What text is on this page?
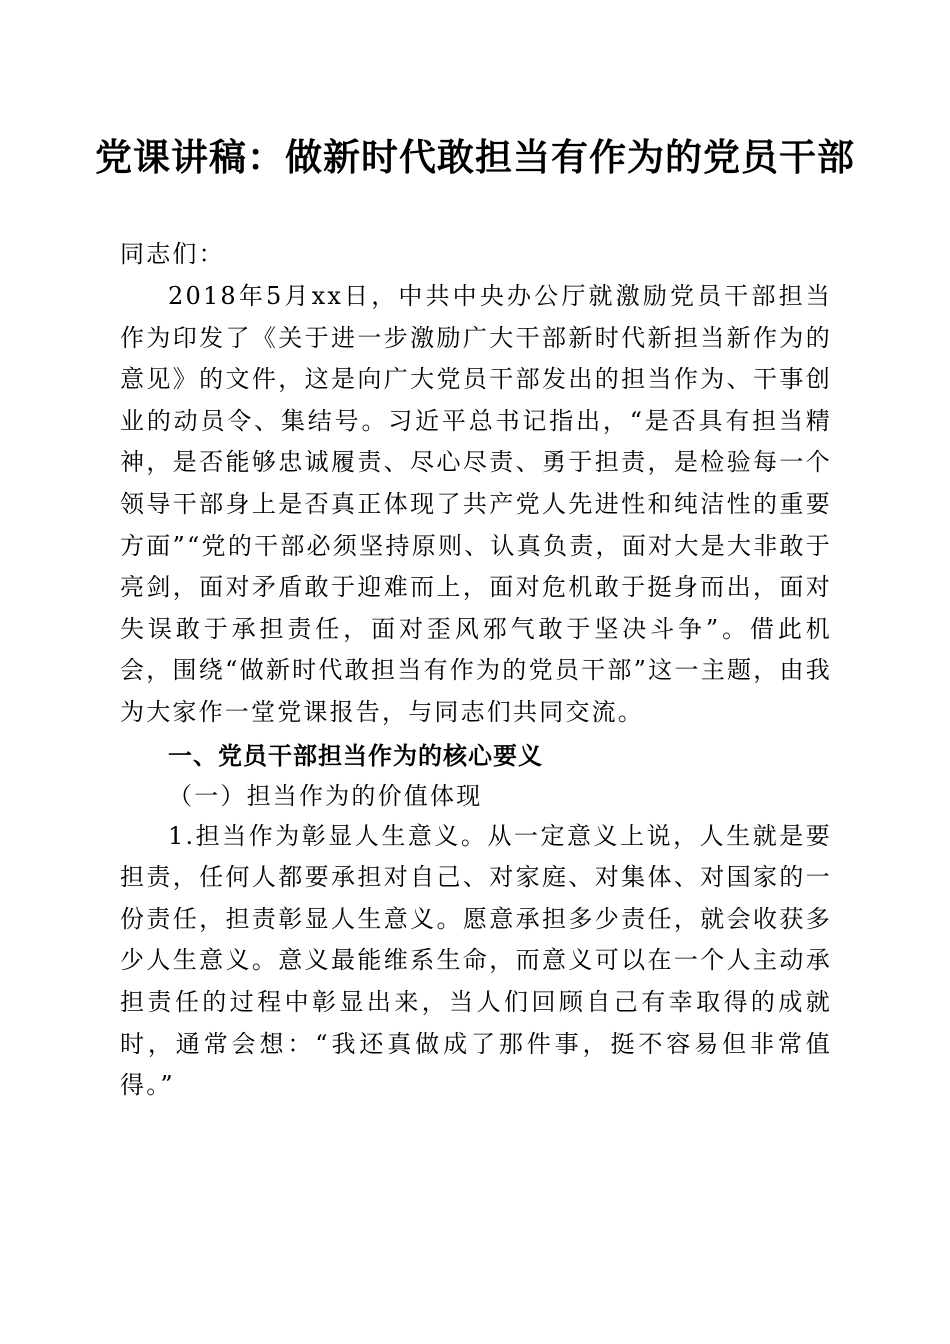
党课讲稿：做新时代敢担当有作为的党员干部

同志们：

2018年5月xx日，中共中央办公厅就激励党员干部担当作为印发了《关于进一步激励广大干部新时代新担当新作为的意见》的文件，这是向广大党员干部发出的担当作为、干事创业的动员令、集结号。习近平总书记指出，“是否具有担当精神，是否能够忠诚履责、尽心尽责、勇于担责，是检验每一个领导干部身上是否真正体现了共产党人先进性和纯洁性的重要方面”“党的干部必须坚持原则、认真负责，面对大是大非敢于亮剑，面对矛盾敢于迎难而上，面对危机敢于挺身而出，面对失误敢于承担责任，面对歪风邪气敢于坚决斗争”。借此机会，围绕“做新时代敢担当有作为的党员干部”这一主题，由我为大家作一堂党课报告，与同志们共同交流。

一、党员干部担当作为的核心要义

（一）担当作为的价值体现

1.担当作为彰显人生意义。从一定意义上说，人生就是要担责，任何人都要承担对自己、对家庭、对集体、对国家的一份责任，担责彰显人生意义。愿意承担多少责任，就会收获多少人生意义。意义最能维系生命，而意义可以在一个人主动承担责任的过程中彰显出来，当人们回顾自己有幸取得的成就时，通常会想：“我还真做成了那件事，挺不容易但非常值得。”
